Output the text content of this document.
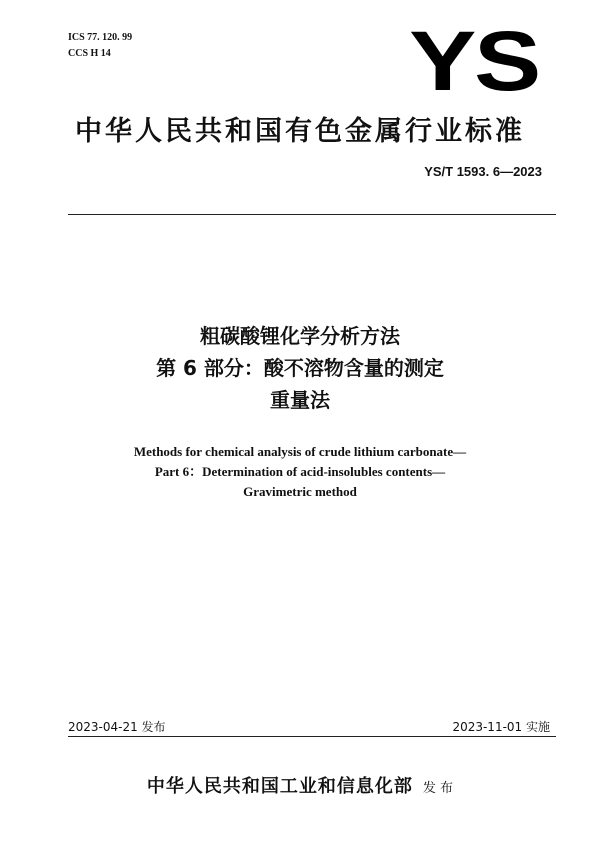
ICS 77. 120. 99
CCS H 14	YS
中华人民共和国有色金属行业标准
YS/T 1593. 6—2023
粗碳酸锂化学分析方法
第 6 部分：酸不溶物含量的测定
重量法
Methods for chemical analysis of crude lithium carbonate—
Part 6：Determination of acid-insolubles contents—
Gravimetric method
2023-04-21 发布	2023-11-01 实施
中华人民共和国工业和信息化部 发 布
